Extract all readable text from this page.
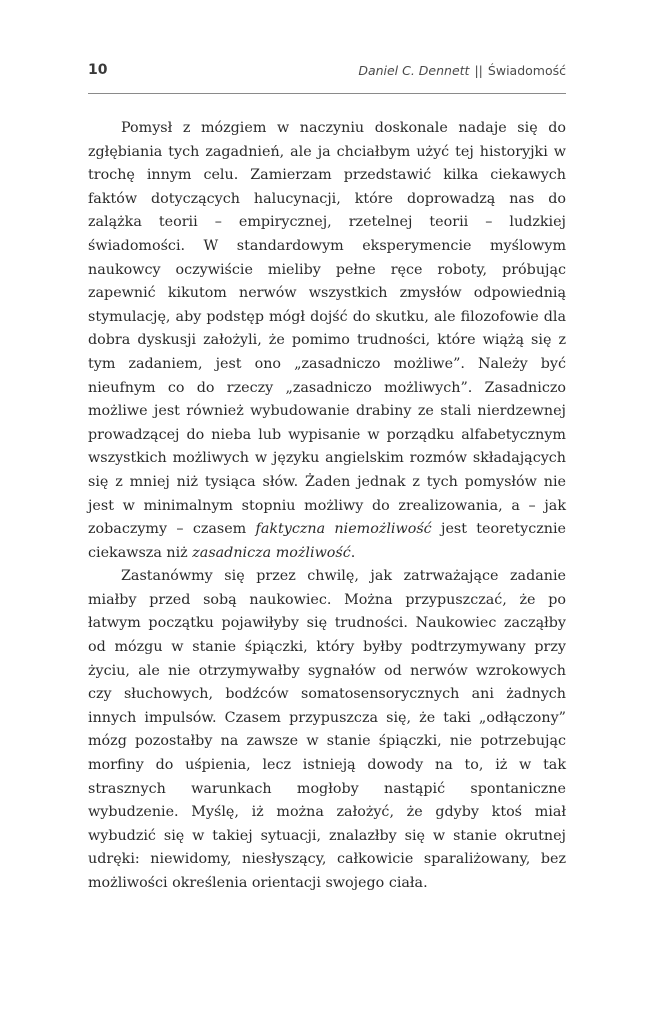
10	Daniel C. Dennett || Świadomość

Pomysł z mózgiem w naczyniu doskonale nadaje się do zgłębiania tych zagadnień, ale ja chciałbym użyć tej historyjki w trochę innym celu. Zamierzam przedstawić kilka ciekawych faktów dotyczących halucynacji, które doprowadzą nas do zalążka teorii – empirycznej, rzetelnej teorii – ludzkiej świadomości. W standardowym eksperymencie myślowym naukowcy oczywiście mieliby pełne ręce roboty, próbując zapewnić kikutom nerwów wszystkich zmysłów odpowiednią stymulację, aby podstęp mógł dojść do skutku, ale filozofowie dla dobra dyskusji założyli, że pomimo trudności, które wiążą się z tym zadaniem, jest ono „zasadniczo możliwe”. Należy być nieufnym co do rzeczy „zasadniczo możliwych”. Zasadniczo możliwe jest również wybudowanie drabiny ze stali nierdzewnej prowadzącej do nieba lub wypisanie w porządku alfabetycznym wszystkich możliwych w języku angielskim rozmów składających się z mniej niż tysiąca słów. Żaden jednak z tych pomysłów nie jest w minimalnym stopniu możliwy do zrealizowania, a – jak zobaczymy – czasem faktyczna niemożliwość jest teoretycznie ciekawsza niż zasadnicza możliwość.

Zastanówmy się przez chwilę, jak zatrważające zadanie miałby przed sobą naukowiec. Można przypuszczać, że po łatwym początku pojawiłyby się trudności. Naukowiec zacząłby od mózgu w stanie śpiączki, który byłby podtrzymywany przy życiu, ale nie otrzymywałby sygnałów od nerwów wzrokowych czy słuchowych, bodźców somatosensorycznych ani żadnych innych impulsów. Czasem przypuszcza się, że taki „odłączony” mózg pozostałby na zawsze w stanie śpiączki, nie potrzebując morfiny do uśpienia, lecz istnieją dowody na to, iż w tak strasznych warunkach mogłoby nastąpić spontaniczne wybudzenie. Myślę, iż można założyć, że gdyby ktoś miał wybudzić się w takiej sytuacji, znalazłby się w stanie okrutnej udręki: niewidomy, niesłyszący, całkowicie sparaliżowany, bez możliwości określenia orientacji swojego ciała.
